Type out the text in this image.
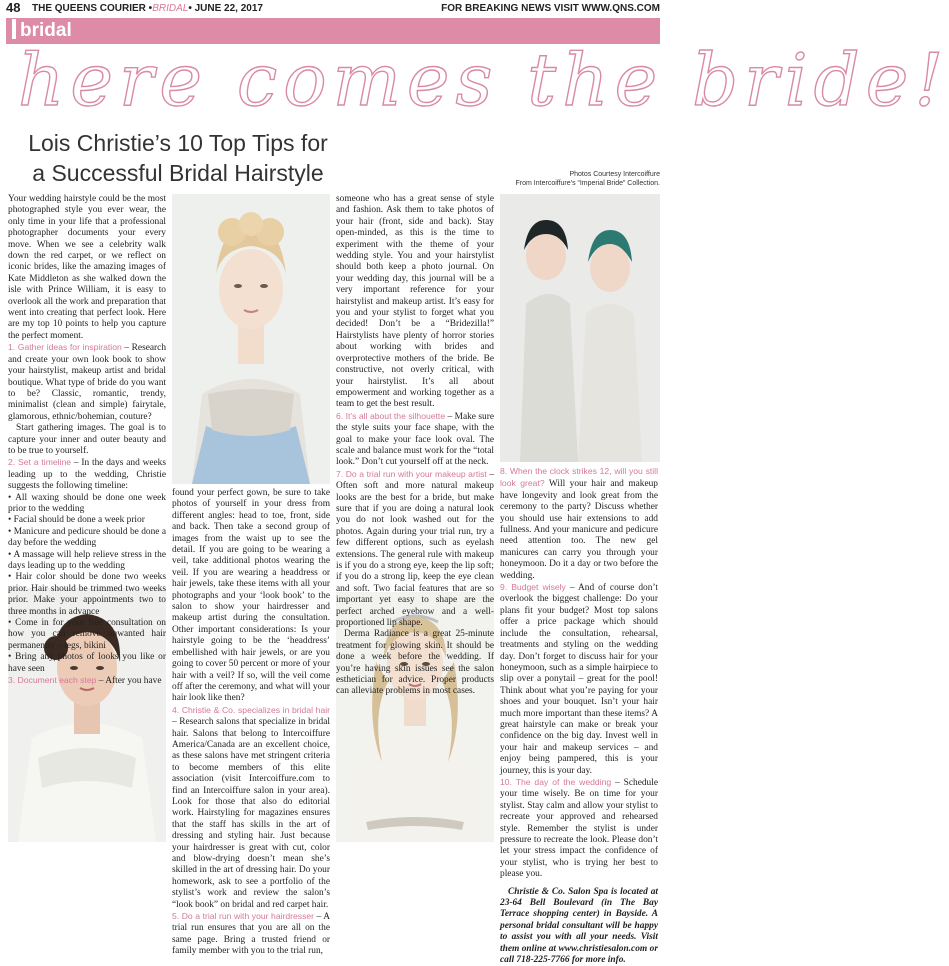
48 THE QUEENS COURIER •BRIDAL• JUNE 22, 2017	FOR BREAKING NEWS VISIT WWW.QNS.COM
bridal
here comes the bride!
Lois Christie’s 10 Top Tips for a Successful Bridal Hairstyle	Photos Courtesy Intercoiffure
From Intercoiffure’s “Imperial Bride” Collection.

Your wedding hairstyle could be the most photographed style you ever wear, the only time in your life that a professional photographer documents your every move. When we see a celebrity walk down the red carpet, or we reflect on iconic brides, like the amazing images of Kate Middleton as she walked down the isle with Prince William, it is easy to overlook all the work and preparation that went into creating that perfect look. Here are my top 10 points to help you capture the perfect moment.

1. Gather ideas for inspiration – Research and create your own look book to show your hairstylist, makeup artist and bridal boutique. What type of bride do you want to be? Classic, romantic, trendy, minimalist (clean and simple) fairytale, glamorous, ethnic/bohemian, couture?

Start gathering images. The goal is to capture your inner and outer beauty and to be true to yourself.

2. Set a timeline – In the days and weeks leading up to the wedding, Christie suggests the following timeline:

• All waxing should be done one week prior to the wedding

• Facial should be done a week prior

• Manicure and pedicure should be done a day before the wedding

• A massage will help relieve stress in the days leading up to the wedding

• Hair color should be done two weeks prior. Hair should be trimmed two weeks prior. Make your appointments two to three months in advance

• Come in for your free consultation on how you can remove unwanted hair permanently – legs, bikini

• Bring any photos of looks you like or have seen

3. Document each step – After you have

found your perfect gown, be sure to take photos of yourself in your dress from different angles: head to toe, front, side and back. Then take a second group of images from the waist up to see the detail. If you are going to be wearing a veil, take additional photos wearing the veil. If you are wearing a headdress or hair jewels, take these items with all your photographs and your ‘look book’ to the salon to show your hairdresser and makeup artist during the consultation. Other important considerations: Is your hairstyle going to be the ‘headdress’ embellished with hair jewels, or are you going to cover 50 percent or more of your hair with a veil? If so, will the veil come off after the ceremony, and what will your hair look like then?

4. Christie & Co. specializes in bridal hair – Research salons that specialize in bridal hair. Salons that belong to Intercoiffure America/Canada are an excellent choice, as these salons have met stringent criteria to become members of this elite association (visit Intercoiffure.com to find an Intercoiffure salon in your area). Look for those that also do editorial work. Hairstyling for magazines ensures that the staff has skills in the art of dressing and styling hair. Just because your hairdresser is great with cut, color and blow-drying doesn’t mean she’s skilled in the art of dressing hair. Do your homework, ask to see a portfolio of the stylist’s work and review the salon’s “look book” on bridal and red carpet hair.

5. Do a trial run with your hairdresser – A trial run ensures that you are all on the same page. Bring a trusted friend or family member with you to the trial run,

someone who has a great sense of style and fashion. Ask them to take photos of your hair (front, side and back). Stay open-minded, as this is the time to experiment with the theme of your wedding style. You and your hairstylist should both keep a photo journal. On your wedding day, this journal will be a very important reference for your hairstylist and makeup artist. It’s easy for you and your stylist to forget what you decided! Don’t be a “Bridezilla!” Hairstylists have plenty of horror stories about working with brides and overprotective mothers of the bride. Be constructive, not overly critical, with your hairstylist. It’s all about empowerment and working together as a team to get the best result.

6. It’s all about the silhouette – Make sure the style suits your face shape, with the goal to make your face look oval. The scale and balance must work for the “total look.” Don’t cut yourself off at the neck.

7. Do a trial run with your makeup artist – Often soft and more natural makeup looks are the best for a bride, but make sure that if you are doing a natural look you do not look washed out for the photos. Again during your trial run, try a few different options, such as eyelash extensions. The general rule with makeup is if you do a strong eye, keep the lip soft; if you do a strong lip, keep the eye clean and soft. Two facial features that are so important yet easy to shape are the perfect arched eyebrow and a well-proportioned lip shape.

Derma Radiance is a great 25-minute treatment for glowing skin. It should be done a week before the wedding. If you’re having skin issues see the salon esthetician for advice. Proper products can alleviate problems in most cases.

8. When the clock strikes 12, will you still look great? Will your hair and makeup have longevity and look great from the ceremony to the party? Discuss whether you should use hair extensions to add fullness. And your manicure and pedicure need attention too. The new gel manicures can carry you through your honeymoon. Do it a day or two before the wedding.

9. Budget wisely – And of course don’t overlook the biggest challenge: Do your plans fit your budget? Most top salons offer a price package which should include the consultation, rehearsal, treatments and styling on the wedding day. Don’t forget to discuss hair for your honeymoon, such as a simple hairpiece to slip over a ponytail – great for the pool! Think about what you’re paying for your shoes and your bouquet. Isn’t your hair much more important than these items? A great hairstyle can make or break your confidence on the big day. Invest well in your hair and makeup services – and enjoy being pampered, this is your journey, this is your day.

10. The day of the wedding – Schedule your time wisely. Be on time for your stylist. Stay calm and allow your stylist to recreate your approved and rehearsed style. Remember the stylist is under pressure to recreate the look. Please don’t let your stress impact the confidence of your stylist, who is trying her best to please you.

Christie & Co. Salon Spa is located at 23-64 Bell Boulevard (in The Bay Terrace shopping center) in Bayside. A personal bridal consultant will be happy to assist you with all your needs. Visit them online at www.christiesalon.com or call 718-225-7766 for more info.
